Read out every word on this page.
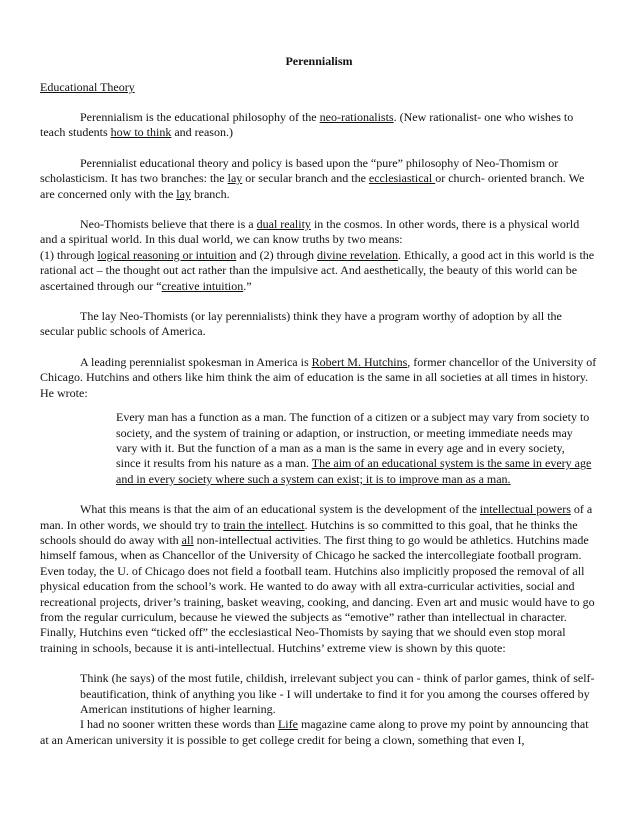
Perennialism
Educational Theory

Perennialism is the educational philosophy of the neo-rationalists. (New rationalist- one who wishes to teach students how to think and reason.)

Perennialist educational theory and policy is based upon the “pure” philosophy of Neo-Thomism or scholasticism. It has two branches: the lay or secular branch and the ecclesiastical or church- oriented branch. We are concerned only with the lay branch.

Neo-Thomists believe that there is a dual reality in the cosmos. In other words, there is a physical world and a spiritual world. In this dual world, we can know truths by two means:
(1) through logical reasoning or intuition and (2) through divine revelation. Ethically, a good act in this world is the rational act – the thought out act rather than the impulsive act. And aesthetically, the beauty of this world can be ascertained through our “creative intuition.”

The lay Neo-Thomists (or lay perennialists) think they have a program worthy of adoption by all the secular public schools of America.

A leading perennialist spokesman in America is Robert M. Hutchins, former chancellor of the University of Chicago. Hutchins and others like him think the aim of education is the same in all societies at all times in history. He wrote:

Every man has a function as a man. The function of a citizen or a subject may vary from society to society, and the system of training or adaption, or instruction, or meeting immediate needs may vary with it. But the function of a man as a man is the same in every age and in every society, since it results from his nature as a man. The aim of an educational system is the same in every age and in every society where such a system can exist; it is to improve man as a man.

What this means is that the aim of an educational system is the development of the intellectual powers of a man. In other words, we should try to train the intellect. Hutchins is so committed to this goal, that he thinks the schools should do away with all non-intellectual activities. The first thing to go would be athletics. Hutchins made himself famous, when as Chancellor of the University of Chicago he sacked the intercollegiate football program. Even today, the U. of Chicago does not field a football team. Hutchins also implicitly proposed the removal of all physical education from the school’s work. He wanted to do away with all extra-curricular activities, social and recreational projects, driver’s training, basket weaving, cooking, and dancing. Even art and music would have to go from the regular curriculum, because he viewed the subjects as “emotive” rather than intellectual in character. Finally, Hutchins even “ticked off” the ecclesiastical Neo-Thomists by saying that we should even stop moral training in schools, because it is anti-intellectual. Hutchins’ extreme view is shown by this quote:

Think (he says) of the most futile, childish, irrelevant subject you can - think of parlor games, think of self-beautification, think of anything you like - I will undertake to find it for you among the courses offered by American institutions of higher learning.

I had no sooner written these words than Life magazine came along to prove my point by announcing that at an American university it is possible to get college credit for being a clown, something that even I,
